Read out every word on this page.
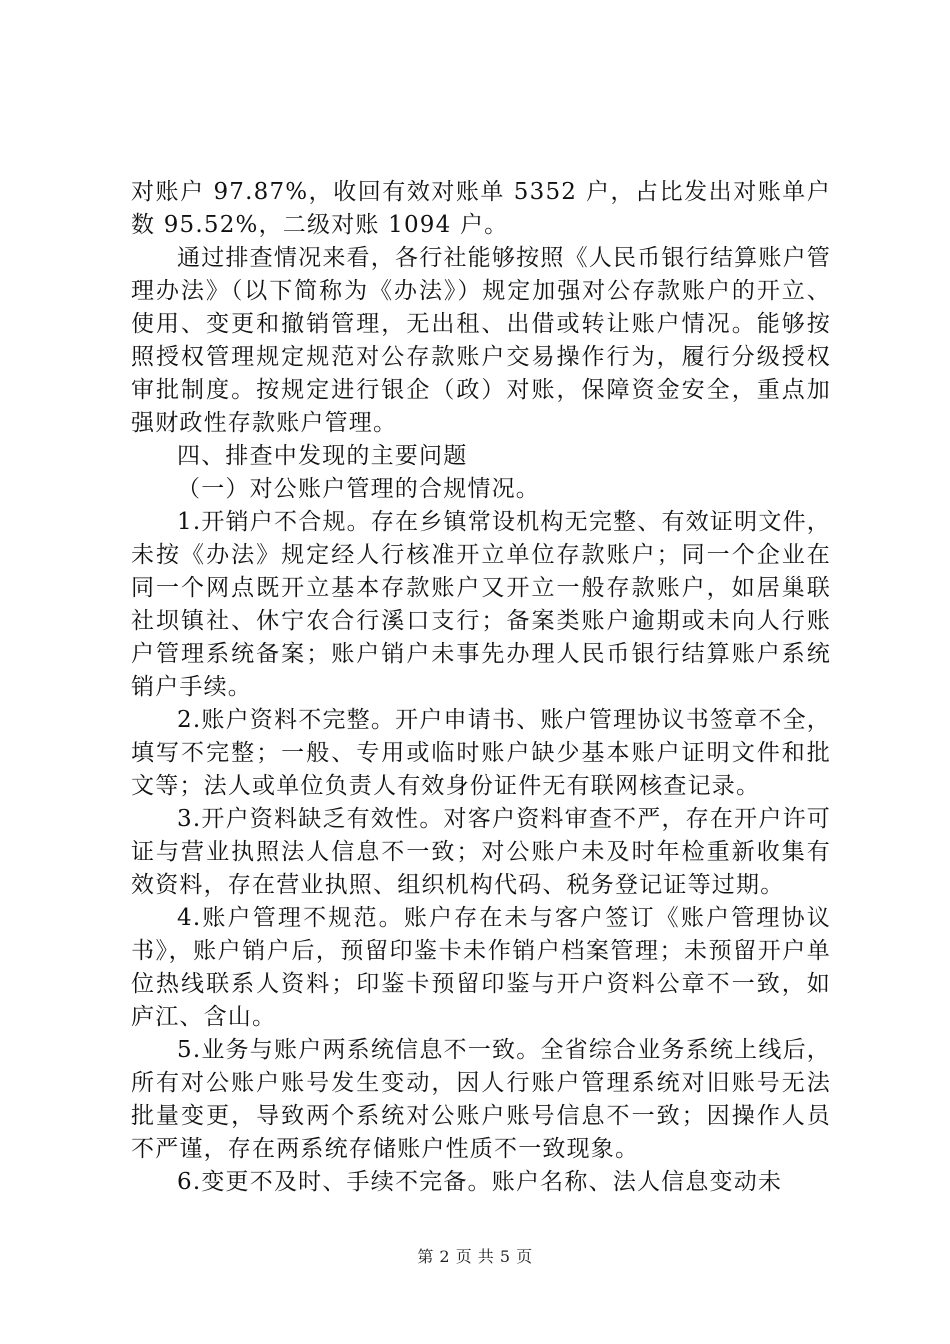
对账户 97.87%，收回有效对账单 5352 户，占比发出对账单户数 95.52%，二级对账 1094 户。

通过排查情况来看，各行社能够按照《人民币银行结算账户管理办法》（以下简称为《办法》）规定加强对公存款账户的开立、使用、变更和撤销管理，无出租、出借或转让账户情况。能够按照授权管理规定规范对公存款账户交易操作行为，履行分级授权审批制度。按规定进行银企（政）对账，保障资金安全，重点加强财政性存款账户管理。

四、排查中发现的主要问题

（一）对公账户管理的合规情况。

1.开销户不合规。存在乡镇常设机构无完整、有效证明文件，未按《办法》规定经人行核准开立单位存款账户；同一个企业在同一个网点既开立基本存款账户又开立一般存款账户，如居巢联社坝镇社、休宁农合行溪口支行；备案类账户逾期或未向人行账户管理系统备案；账户销户未事先办理人民币银行结算账户系统销户手续。

2.账户资料不完整。开户申请书、账户管理协议书签章不全，填写不完整；一般、专用或临时账户缺少基本账户证明文件和批文等；法人或单位负责人有效身份证件无有联网核查记录。

3.开户资料缺乏有效性。对客户资料审查不严，存在开户许可证与营业执照法人信息不一致；对公账户未及时年检重新收集有效资料，存在营业执照、组织机构代码、税务登记证等过期。

4.账户管理不规范。账户存在未与客户签订《账户管理协议书》，账户销户后，预留印鉴卡未作销户档案管理；未预留开户单位热线联系人资料；印鉴卡预留印鉴与开户资料公章不一致，如庐江、含山。

5.业务与账户两系统信息不一致。全省综合业务系统上线后，所有对公账户账号发生变动，因人行账户管理系统对旧账号无法批量变更，导致两个系统对公账户账号信息不一致；因操作人员不严谨，存在两系统存储账户性质不一致现象。

6.变更不及时、手续不完备。账户名称、法人信息变动未

第 2 页 共 5 页
